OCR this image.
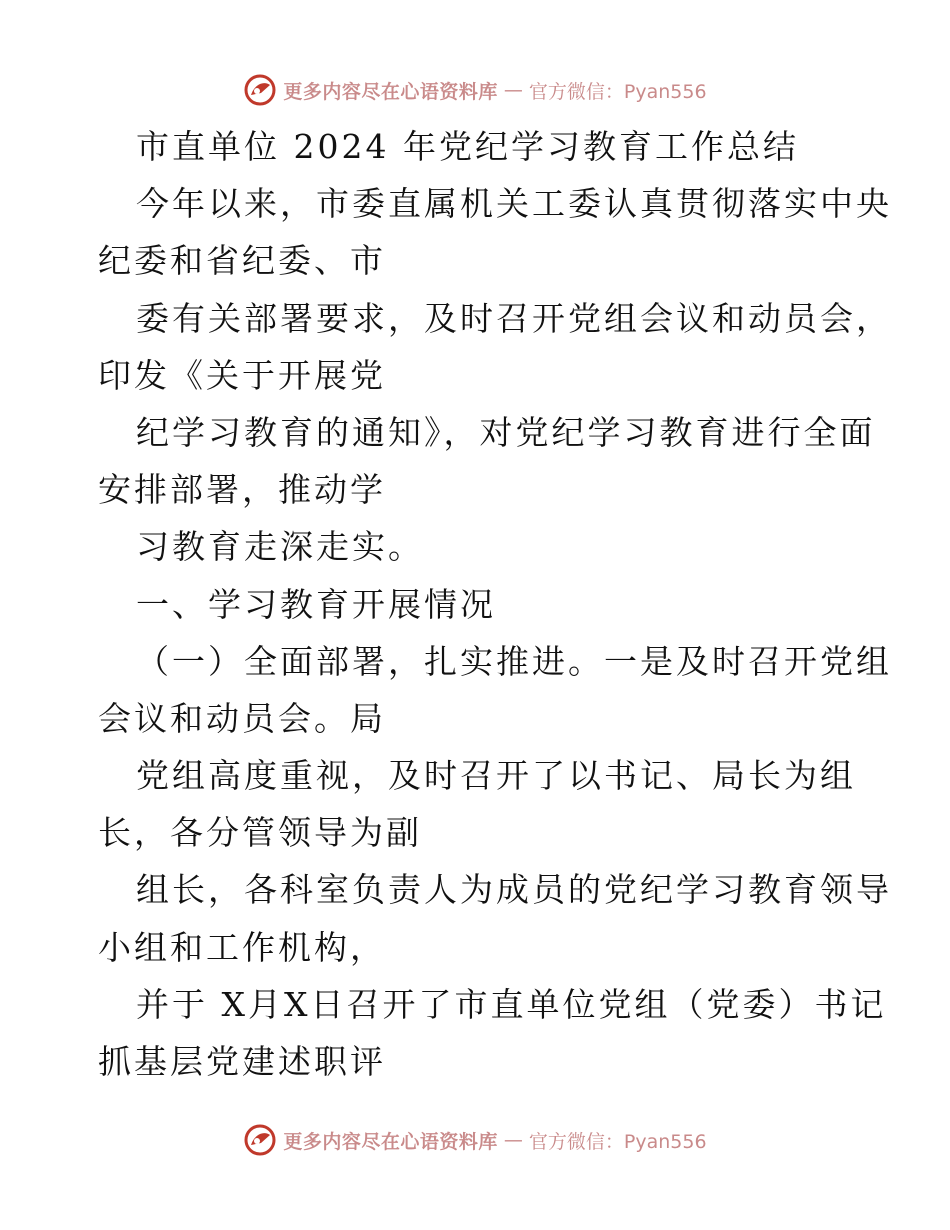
更多内容尽在心语资料库 — 官方微信：Pyan556
市直单位 2024 年党纪学习教育工作总结
今年以来，市委直属机关工委认真贯彻落实中央
纪委和省纪委、市
委有关部署要求，及时召开党组会议和动员会，
印发《关于开展党
纪学习教育的通知》，对党纪学习教育进行全面
安排部署，推动学
习教育走深走实。
一、学习教育开展情况
（一）全面部署，扎实推进。一是及时召开党组
会议和动员会。局
党组高度重视，及时召开了以书记、局长为组
长，各分管领导为副
组长，各科室负责人为成员的党纪学习教育领导
小组和工作机构，
并于 X月X日召开了市直单位党组（党委）书记
抓基层党建述职评
更多内容尽在心语资料库 — 官方微信：Pyan556
